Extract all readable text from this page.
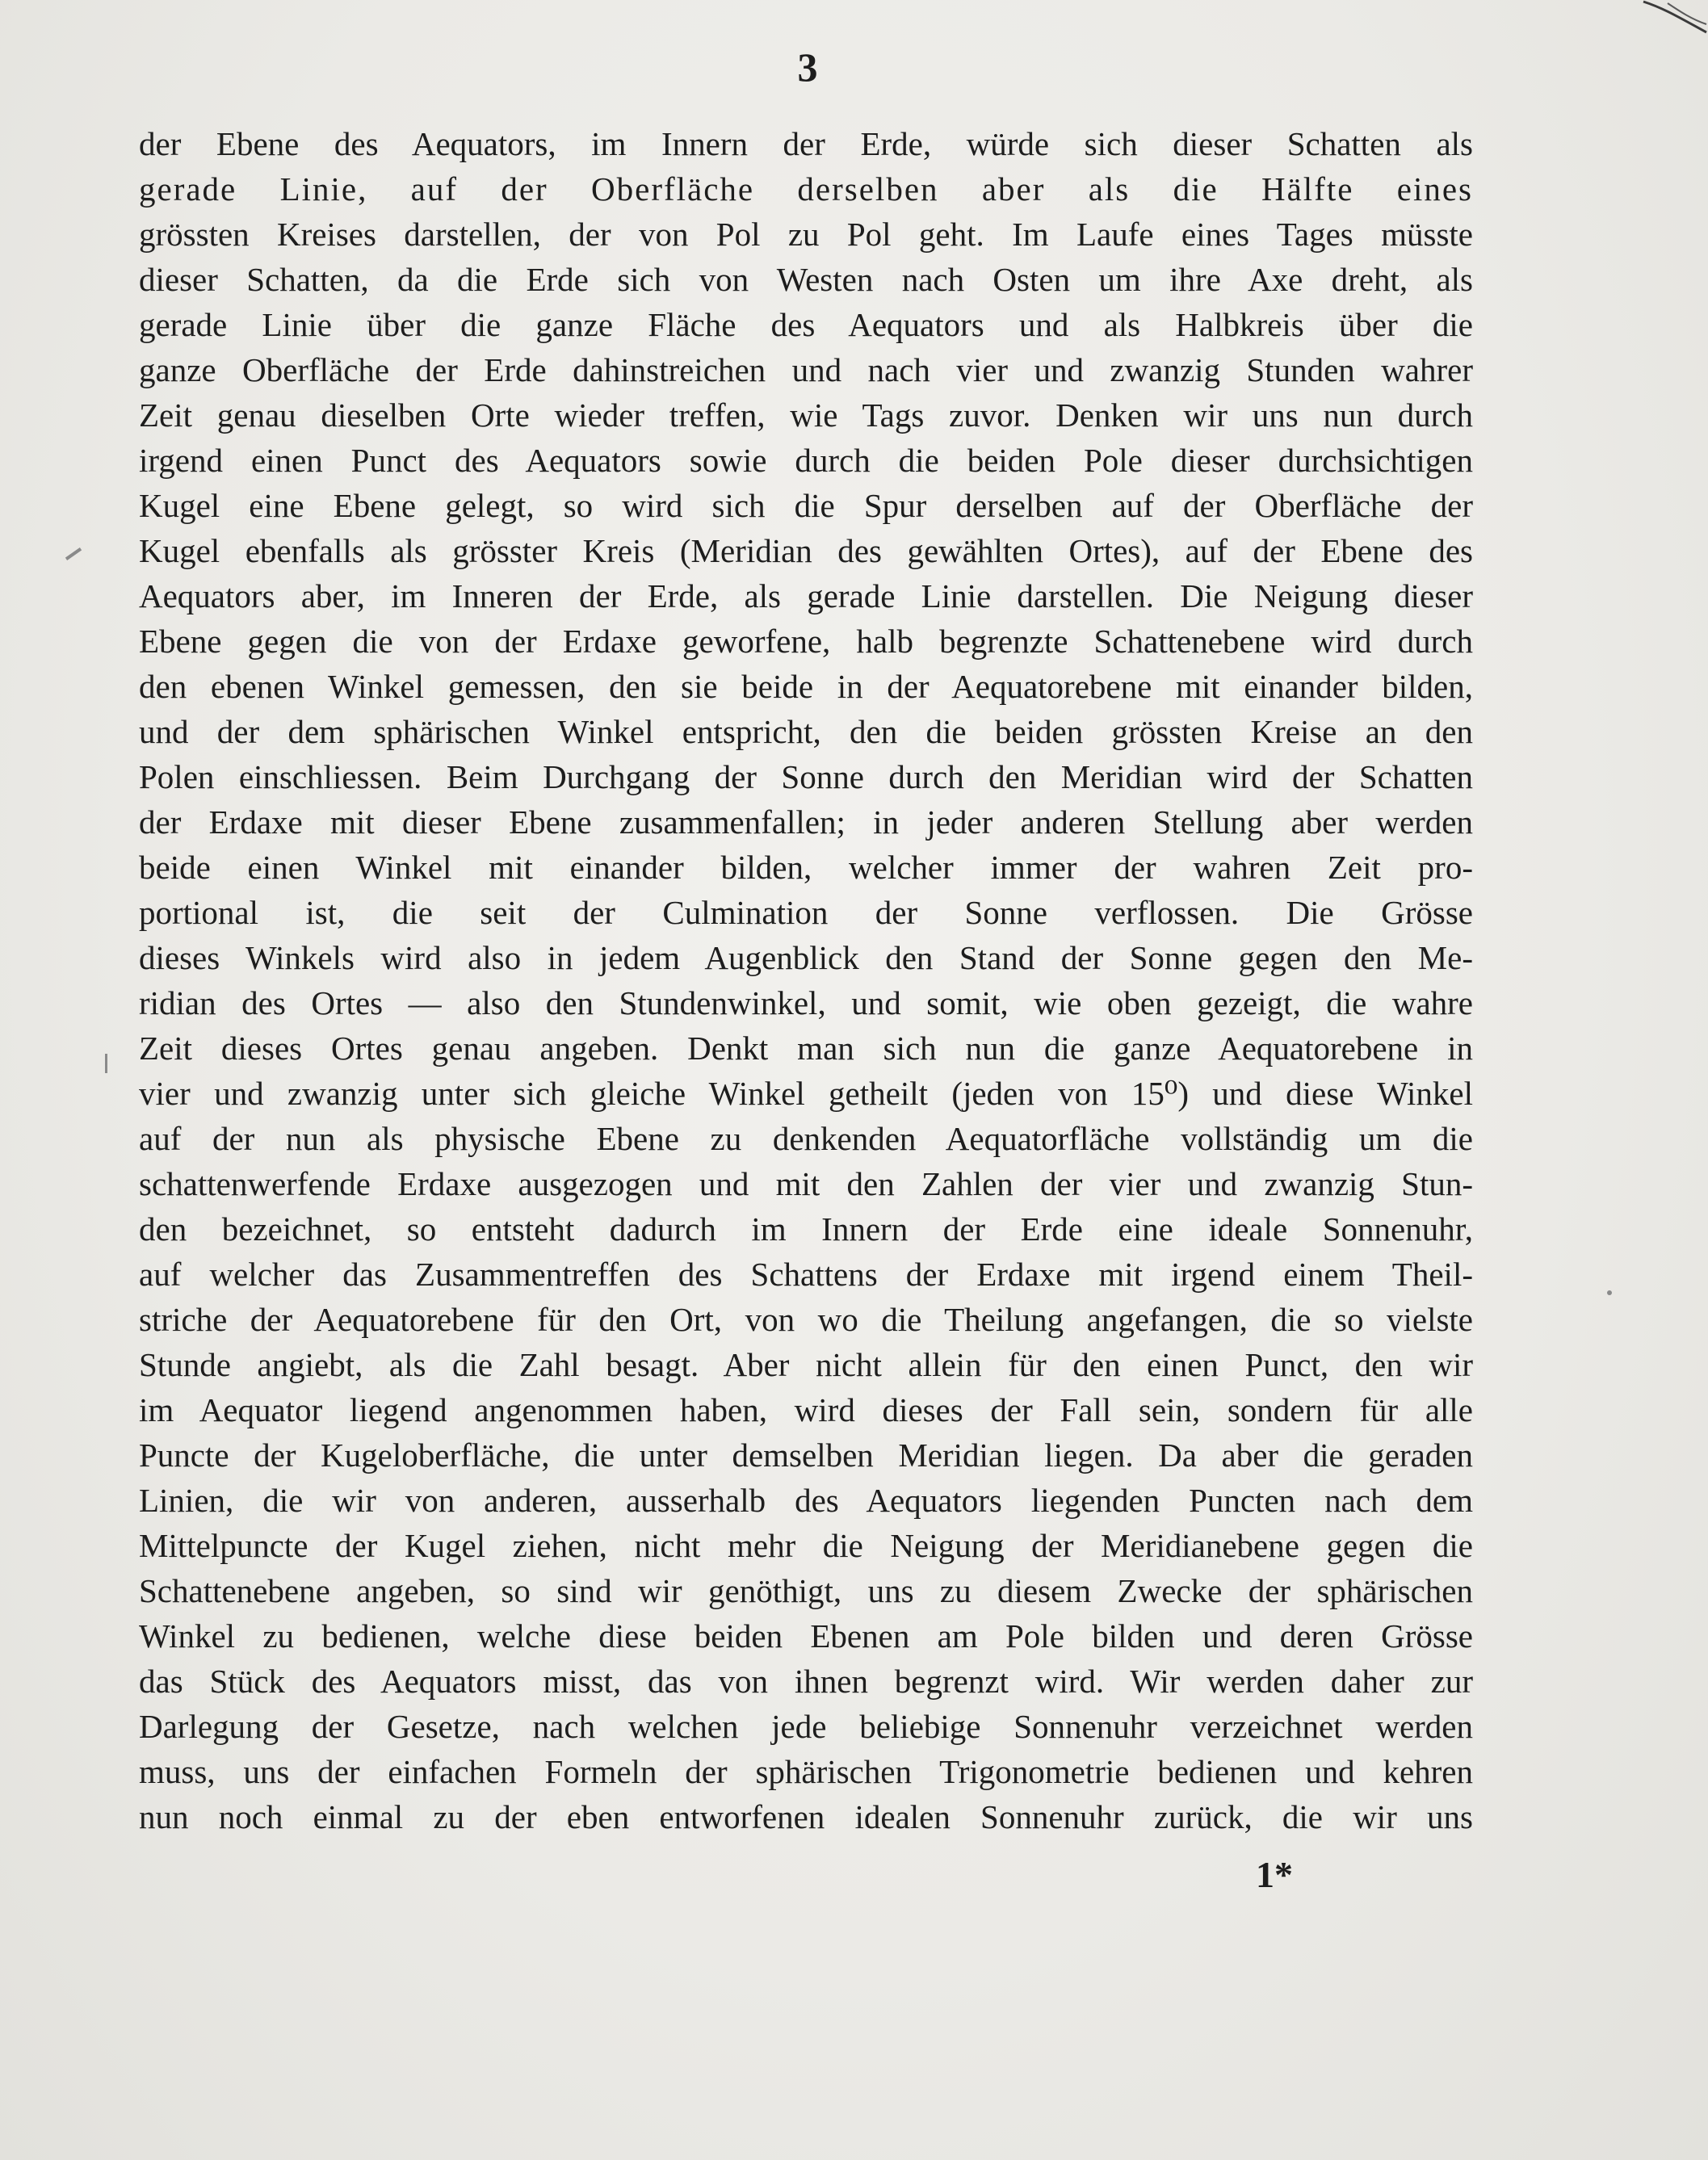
3
der Ebene des Aequators, im Innern der Erde, würde sich dieser Schatten als
gerade Linie, auf der Oberfläche derselben aber als die Hälfte eines
grössten Kreises darstellen, der von Pol zu Pol geht. Im Laufe eines Tages müsste
dieser Schatten, da die Erde sich von Westen nach Osten um ihre Axe dreht, als
gerade Linie über die ganze Fläche des Aequators und als Halbkreis über die
ganze Oberfläche der Erde dahinstreichen und nach vier und zwanzig Stunden wahrer
Zeit genau dieselben Orte wieder treffen, wie Tags zuvor. Denken wir uns nun durch
irgend einen Punct des Aequators sowie durch die beiden Pole dieser durchsichtigen
Kugel eine Ebene gelegt, so wird sich die Spur derselben auf der Oberfläche der
Kugel ebenfalls als grösster Kreis (Meridian des gewählten Ortes), auf der Ebene des
Aequators aber, im Inneren der Erde, als gerade Linie darstellen. Die Neigung dieser
Ebene gegen die von der Erdaxe geworfene, halb begrenzte Schattenebene wird durch
den ebenen Winkel gemessen, den sie beide in der Aequatorebene mit einander bilden,
und der dem sphärischen Winkel entspricht, den die beiden grössten Kreise an den
Polen einschliessen. Beim Durchgang der Sonne durch den Meridian wird der Schatten
der Erdaxe mit dieser Ebene zusammenfallen; in jeder anderen Stellung aber werden
beide einen Winkel mit einander bilden, welcher immer der wahren Zeit pro-
portional ist, die seit der Culmination der Sonne verflossen. Die Grösse
dieses Winkels wird also in jedem Augenblick den Stand der Sonne gegen den Me-
ridian des Ortes — also den Stundenwinkel, und somit, wie oben gezeigt, die wahre
Zeit dieses Ortes genau angeben. Denkt man sich nun die ganze Aequatorebene in
vier und zwanzig unter sich gleiche Winkel getheilt (jeden von 15⁰) und diese Winkel
auf der nun als physische Ebene zu denkenden Aequatorfläche vollständig um die
schattenwerfende Erdaxe ausgezogen und mit den Zahlen der vier und zwanzig Stun-
den bezeichnet, so entsteht dadurch im Innern der Erde eine ideale Sonnenuhr,
auf welcher das Zusammentreffen des Schattens der Erdaxe mit irgend einem Theil-
striche der Aequatorebene für den Ort, von wo die Theilung angefangen, die so vielste
Stunde angiebt, als die Zahl besagt. Aber nicht allein für den einen Punct, den wir
im Aequator liegend angenommen haben, wird dieses der Fall sein, sondern für alle
Puncte der Kugeloberfläche, die unter demselben Meridian liegen. Da aber die geraden
Linien, die wir von anderen, ausserhalb des Aequators liegenden Puncten nach dem
Mittelpuncte der Kugel ziehen, nicht mehr die Neigung der Meridianebene gegen die
Schattenebene angeben, so sind wir genöthigt, uns zu diesem Zwecke der sphärischen
Winkel zu bedienen, welche diese beiden Ebenen am Pole bilden und deren Grösse
das Stück des Aequators misst, das von ihnen begrenzt wird. Wir werden daher zur
Darlegung der Gesetze, nach welchen jede beliebige Sonnenuhr verzeichnet werden
muss, uns der einfachen Formeln der sphärischen Trigonometrie bedienen und kehren
nun noch einmal zu der eben entworfenen idealen Sonnenuhr zurück, die wir uns
1*
